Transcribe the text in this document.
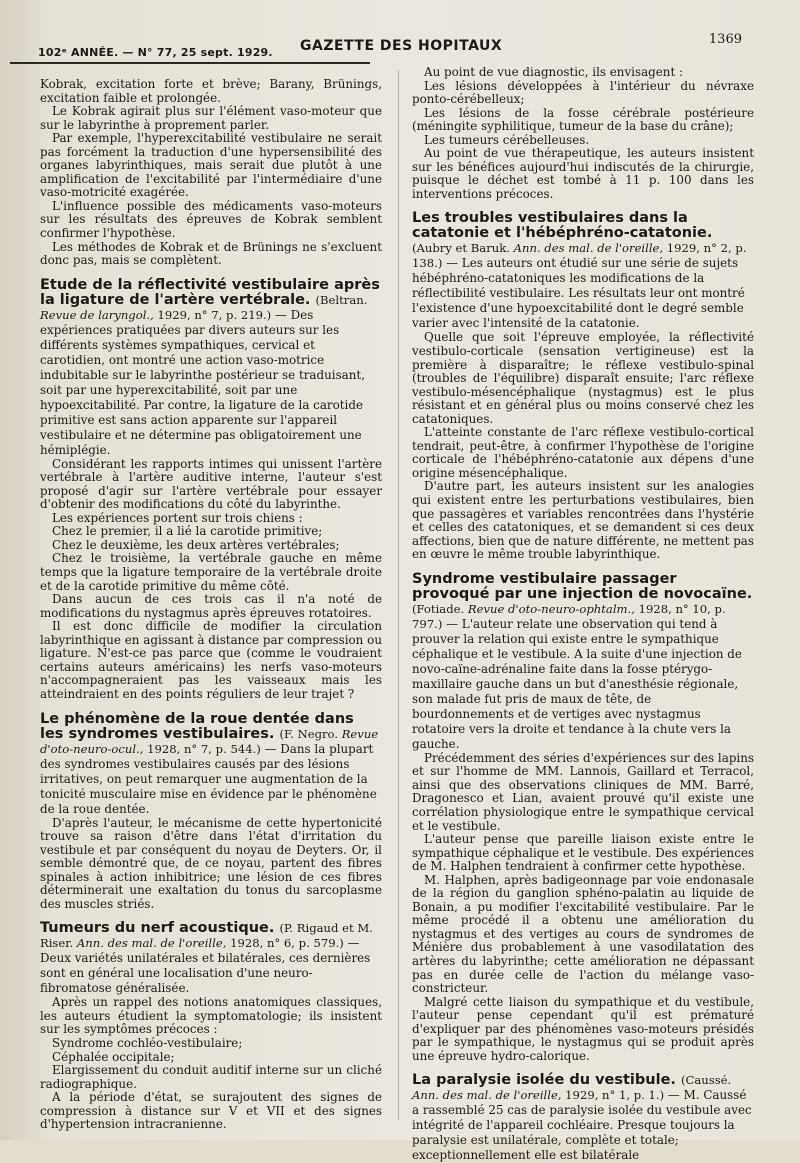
102ᵉ ANNÉE. — N° 77, 25 sept. 1929. GAZETTE DES HOPITAUX	1369

Kobrak, excitation forte et brève; Barany, Brünings, excitation faible et prolongée.

Le Kobrak agirait plus sur l'élément vaso-moteur que sur le labyrinthe à proprement parler.

Par exemple, l'hyperexcitabilité vestibulaire ne serait pas forcément la traduction d'une hypersensibilité des organes labyrinthiques, mais serait due plutôt à une amplification de l'excitabilité par l'intermédiaire d'une vaso-motricité exagérée.

L'influence possible des médicaments vaso-moteurs sur les résultats des épreuves de Kobrak semblent confirmer l'hypothèse.

Les méthodes de Kobrak et de Brünings ne s'excluent donc pas, mais se complètent.

Etude de la réflectivité vestibulaire après la ligature de l'artère vertébrale. (Beltran. Revue de laryngol., 1929, n° 7, p. 219.) — Des expériences pratiquées par divers auteurs sur les différents systèmes sympathiques, cervical et carotidien, ont montré une action vaso-motrice indubitable sur le labyrinthe postérieur se traduisant, soit par une hyperexcitabilité, soit par une hypoexcitabilité. Par contre, la ligature de la carotide primitive est sans action apparente sur l'appareil vestibulaire et ne détermine pas obligatoirement une hémiplégie.

Considérant les rapports intimes qui unissent l'artère vertébrale à l'artère auditive interne, l'auteur s'est proposé d'agir sur l'artère vertébrale pour essayer d'obtenir des modifications du côté du labyrinthe.

Les expériences portent sur trois chiens :

Chez le premier, il a lié la carotide primitive;

Chez le deuxième, les deux artères vertébrales;

Chez le troisième, la vertébrale gauche en même temps que la ligature temporaire de la vertébrale droite et de la carotide primitive du même côté.

Dans aucun de ces trois cas il n'a noté de modifications du nystagmus après épreuves rotatoires.

Il est donc difficile de modifier la circulation labyrinthique en agissant à distance par compression ou ligature. N'est-ce pas parce que (comme le voudraient certains auteurs américains) les nerfs vaso-moteurs n'accompagneraient pas les vaisseaux mais les atteindraient en des points réguliers de leur trajet ?

Le phénomène de la roue dentée dans les syndromes vestibulaires. (F. Negro. Revue d'oto-neuro-ocul., 1928, n° 7, p. 544.) — Dans la plupart des syndromes vestibulaires causés par des lésions irritatives, on peut remarquer une augmentation de la tonicité musculaire mise en évidence par le phénomène de la roue dentée.

D'après l'auteur, le mécanisme de cette hypertonicité trouve sa raison d'être dans l'état d'irritation du vestibule et par conséquent du noyau de Deyters. Or, il semble démontré que, de ce noyau, partent des fibres spinales à action inhibitrice; une lésion de ces fibres déterminerait une exaltation du tonus du sarcoplasme des muscles striés.

Tumeurs du nerf acoustique. (P. Rigaud et M. Riser. Ann. des mal. de l'oreille, 1928, n° 6, p. 579.) — Deux variétés unilatérales et bilatérales, ces dernières sont en général une localisation d'une neuro-fibromatose généralisée.

Après un rappel des notions anatomiques classiques, les auteurs étudient la symptomatologie; ils insistent sur les symptômes précoces :

Syndrome cochléo-vestibulaire;

Céphalée occipitale;

Elargissement du conduit auditif interne sur un cliché radiographique.

A la période d'état, se surajoutent des signes de compression à distance sur V et VII et des signes d'hypertension intracranienne.

Au point de vue diagnostic, ils envisagent :

Les lésions développées à l'intérieur du névraxe ponto-cérébelleux;

Les lésions de la fosse cérébrale postérieure (méningite syphilitique, tumeur de la base du crâne);

Les tumeurs cérébelleuses.

Au point de vue thérapeutique, les auteurs insistent sur les bénéfices aujourd'hui indiscutés de la chirurgie, puisque le déchet est tombé à 11 p. 100 dans les interventions précoces.

Les troubles vestibulaires dans la catatonie et l'hébéphréno-catatonie. (Aubry et Baruk. Ann. des mal. de l'oreille, 1929, n° 2, p. 138.) — Les auteurs ont étudié sur une série de sujets hébéphréno-catatoniques les modifications de la réflectibilité vestibulaire. Les résultats leur ont montré l'existence d'une hypoexcitabilité dont le degré semble varier avec l'intensité de la catatonie.

Quelle que soit l'épreuve employée, la réflectivité vestibulo-corticale (sensation vertigineuse) est la première à disparaître; le réflexe vestibulo-spinal (troubles de l'équilibre) disparaît ensuite; l'arc réflexe vestibulo-mésencéphalique (nystagmus) est le plus résistant et en général plus ou moins conservé chez les catatoniques.

L'atteinte constante de l'arc réflexe vestibulo-cortical tendrait, peut-être, à confirmer l'hypothèse de l'origine corticale de l'hébéphréno-catatonie aux dépens d'une origine mésencéphalique.

D'autre part, les auteurs insistent sur les analogies qui existent entre les perturbations vestibulaires, bien que passagères et variables rencontrées dans l'hystérie et celles des catatoniques, et se demandent si ces deux affections, bien que de nature différente, ne mettent pas en œuvre le même trouble labyrinthique.

Syndrome vestibulaire passager provoqué par une injection de novocaïne. (Fotiade. Revue d'oto-neuro-ophtalm., 1928, n° 10, p. 797.) — L'auteur relate une observation qui tend à prouver la relation qui existe entre le sympathique céphalique et le vestibule. A la suite d'une injection de novo-caïne-adrénaline faite dans la fosse ptérygo-maxillaire gauche dans un but d'anesthésie régionale, son malade fut pris de maux de tête, de bourdonnements et de vertiges avec nystagmus rotatoire vers la droite et tendance à la chute vers la gauche.

Précédemment des séries d'expériences sur des lapins et sur l'homme de MM. Lannois, Gaillard et Terracol, ainsi que des observations cliniques de MM. Barré, Dragonesco et Lian, avaient prouvé qu'il existe une corrélation physiologique entre le sympathique cervical et le vestibule.

L'auteur pense que pareille liaison existe entre le sympathique céphalique et le vestibule. Des expériences de M. Halphen tendraient à confirmer cette hypothèse.

M. Halphen, après badigeonnage par voie endonasale de la région du ganglion sphéno-palatin au liquide de Bonain, a pu modifier l'excitabilité vestibulaire. Par le même procédé il a obtenu une amélioration du nystagmus et des vertiges au cours de syndromes de Ménière dus probablement à une vasodilatation des artères du labyrinthe; cette amélioration ne dépassant pas en durée celle de l'action du mélange vaso-constricteur.

Malgré cette liaison du sympathique et du vestibule, l'auteur pense cependant qu'il est prématuré d'expliquer par des phénomènes vaso-moteurs présidés par le sympathique, le nystagmus qui se produit après une épreuve hydro-calorique.

La paralysie isolée du vestibule. (Caussé. Ann. des mal. de l'oreille, 1929, n° 1, p. 1.) — M. Caussé a rassemblé 25 cas de paralysie isolée du vestibule avec intégrité de l'appareil cochléaire. Presque toujours la paralysie est unilatérale, complète et totale; exceptionnellement elle est bilatérale
